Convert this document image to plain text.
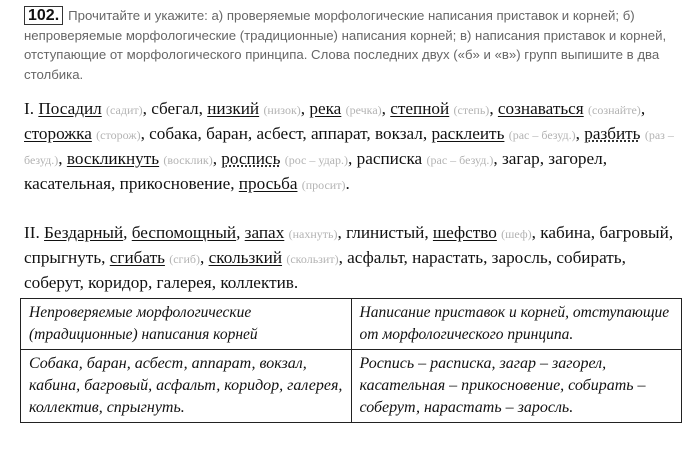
102. Прочитайте и укажите: а) проверяемые морфологические написания приставок и корней; б) непроверяемые морфологические (традиционные) написания корней; в) написания приставок и корней, отступающие от морфологического принципа. Слова последних двух («б» и «в») групп выпишите в два столбика.
I. Посадил (садит), сбегал, низкий (низок), река (речка), степной (степь), сознаваться (сознайте), сторожка (сторож), собака, баран, асбест, аппарат, вокзал, расклеить (рас – безуд.), разбить (раз – безуд.), воскликнуть (восклик), роспись (рос – удар.), расписка (рас – безуд.), загар, загорел, касательная, прикосновение, просьба (просит).
II. Бездарный, беспомощный, запах (нахнуть), глинистый, шефство (шеф), кабина, багровый, спрыгнуть, сгибать (сгиб), скользкий (скользит), асфальт, нарастать, заросль, собирать, соберут, коридор, галерея, коллектив.
Непроверяемые морфологические (традиционные) написания корней	Написание приставок и корней, отступающие от морфологического принципа.
Собака, баран, асбест, аппарат, вокзал, кабина, багровый, асфальт, коридор, галерея, коллектив, спрыгнуть.	Роспись – расписка, загар – загорел, касательная – прикосновение, собирать – соберут, нарастать – заросль.
